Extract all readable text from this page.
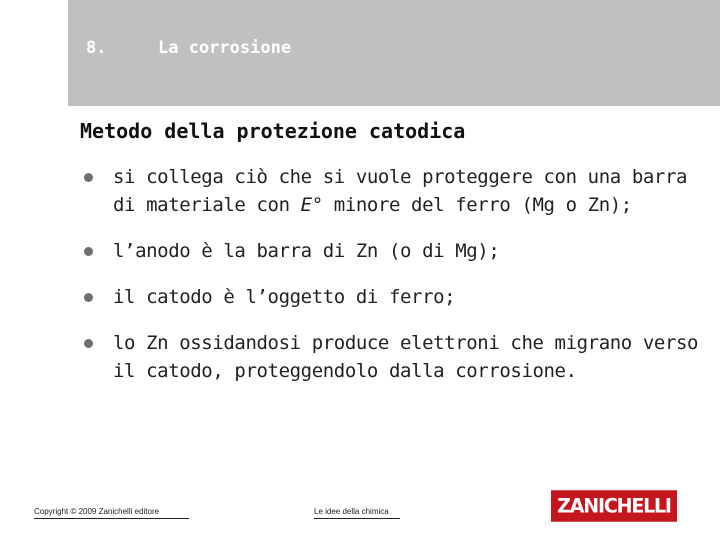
8.	La corrosione
Metodo della protezione catodica
si collega ciò che si vuole proteggere con una barra di materiale con E° minore del ferro (Mg o Zn);
l’anodo è la barra di Zn (o di Mg);
il catodo è l’oggetto di ferro;
lo Zn ossidandosi produce elettroni che migrano verso il catodo, proteggendolo dalla corrosione.
Copyright © 2009 Zanichelli editore	Le idee della chimica	ZANICHELLI
